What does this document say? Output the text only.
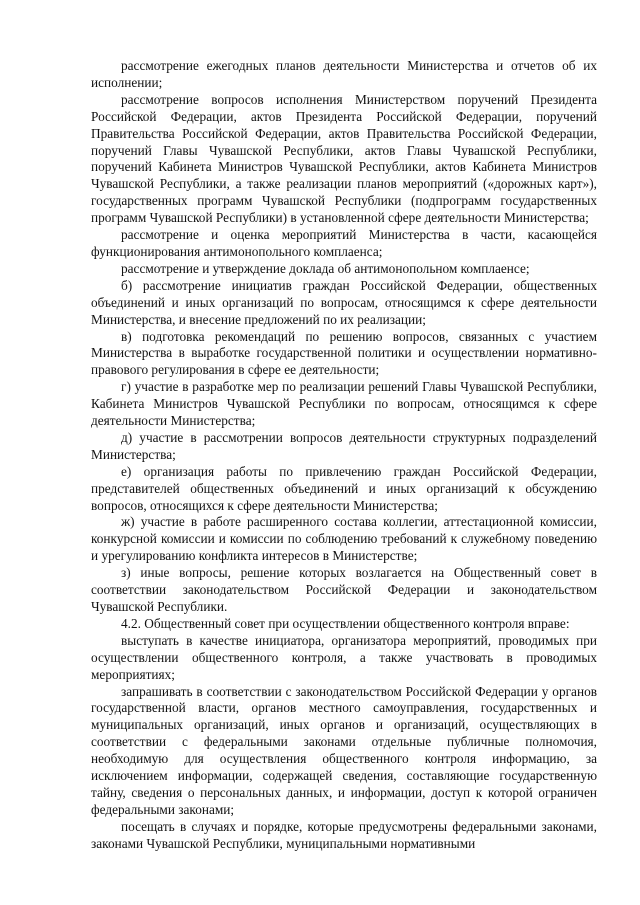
рассмотрение ежегодных планов деятельности Министерства и отчетов об их исполнении;

рассмотрение вопросов исполнения Министерством поручений Президента Российской Федерации, актов Президента Российской Федерации, поручений Правительства Российской Федерации, актов Правительства Российской Федерации, поручений Главы Чувашской Республики, актов Главы Чувашской Республики, поручений Кабинета Министров Чувашской Республики, актов Кабинета Министров Чувашской Республики, а также реализации планов мероприятий («дорожных карт»), государственных программ Чувашской Республики (подпрограмм государственных программ Чувашской Республики) в установленной сфере деятельности Министерства;

рассмотрение и оценка мероприятий Министерства в части, касающейся функционирования антимонопольного комплаенса;

рассмотрение и утверждение доклада об антимонопольном комплаенсе;

б) рассмотрение инициатив граждан Российской Федерации, общественных объединений и иных организаций по вопросам, относящимся к сфере деятельности Министерства, и внесение предложений по их реализации;

в) подготовка рекомендаций по решению вопросов, связанных с участием Министерства в выработке государственной политики и осуществлении нормативно-правового регулирования в сфере ее деятельности;

г) участие в разработке мер по реализации решений Главы Чувашской Республики, Кабинета Министров Чувашской Республики по вопросам, относящимся к сфере деятельности Министерства;

д) участие в рассмотрении вопросов деятельности структурных подразделений Министерства;

е) организация работы по привлечению граждан Российской Федерации, представителей общественных объединений и иных организаций к обсуждению вопросов, относящихся к сфере деятельности Министерства;

ж) участие в работе расширенного состава коллегии, аттестационной комиссии, конкурсной комиссии и комиссии по соблюдению требований к служебному поведению и урегулированию конфликта интересов в Министерстве;

з) иные вопросы, решение которых возлагается на Общественный совет в соответствии законодательством Российской Федерации и законодательством Чувашской Республики.

4.2. Общественный совет при осуществлении общественного контроля вправе:

выступать в качестве инициатора, организатора мероприятий, проводимых при осуществлении общественного контроля, а также участвовать в проводимых мероприятиях;

запрашивать в соответствии с законодательством Российской Федерации у органов государственной власти, органов местного самоуправления, государственных и муниципальных организаций, иных органов и организаций, осуществляющих в соответствии с федеральными законами отдельные публичные полномочия, необходимую для осуществления общественного контроля информацию, за исключением информации, содержащей сведения, составляющие государственную тайну, сведения о персональных данных, и информации, доступ к которой ограничен федеральными законами;

посещать в случаях и порядке, которые предусмотрены федеральными законами, законами Чувашской Республики, муниципальными нормативными
